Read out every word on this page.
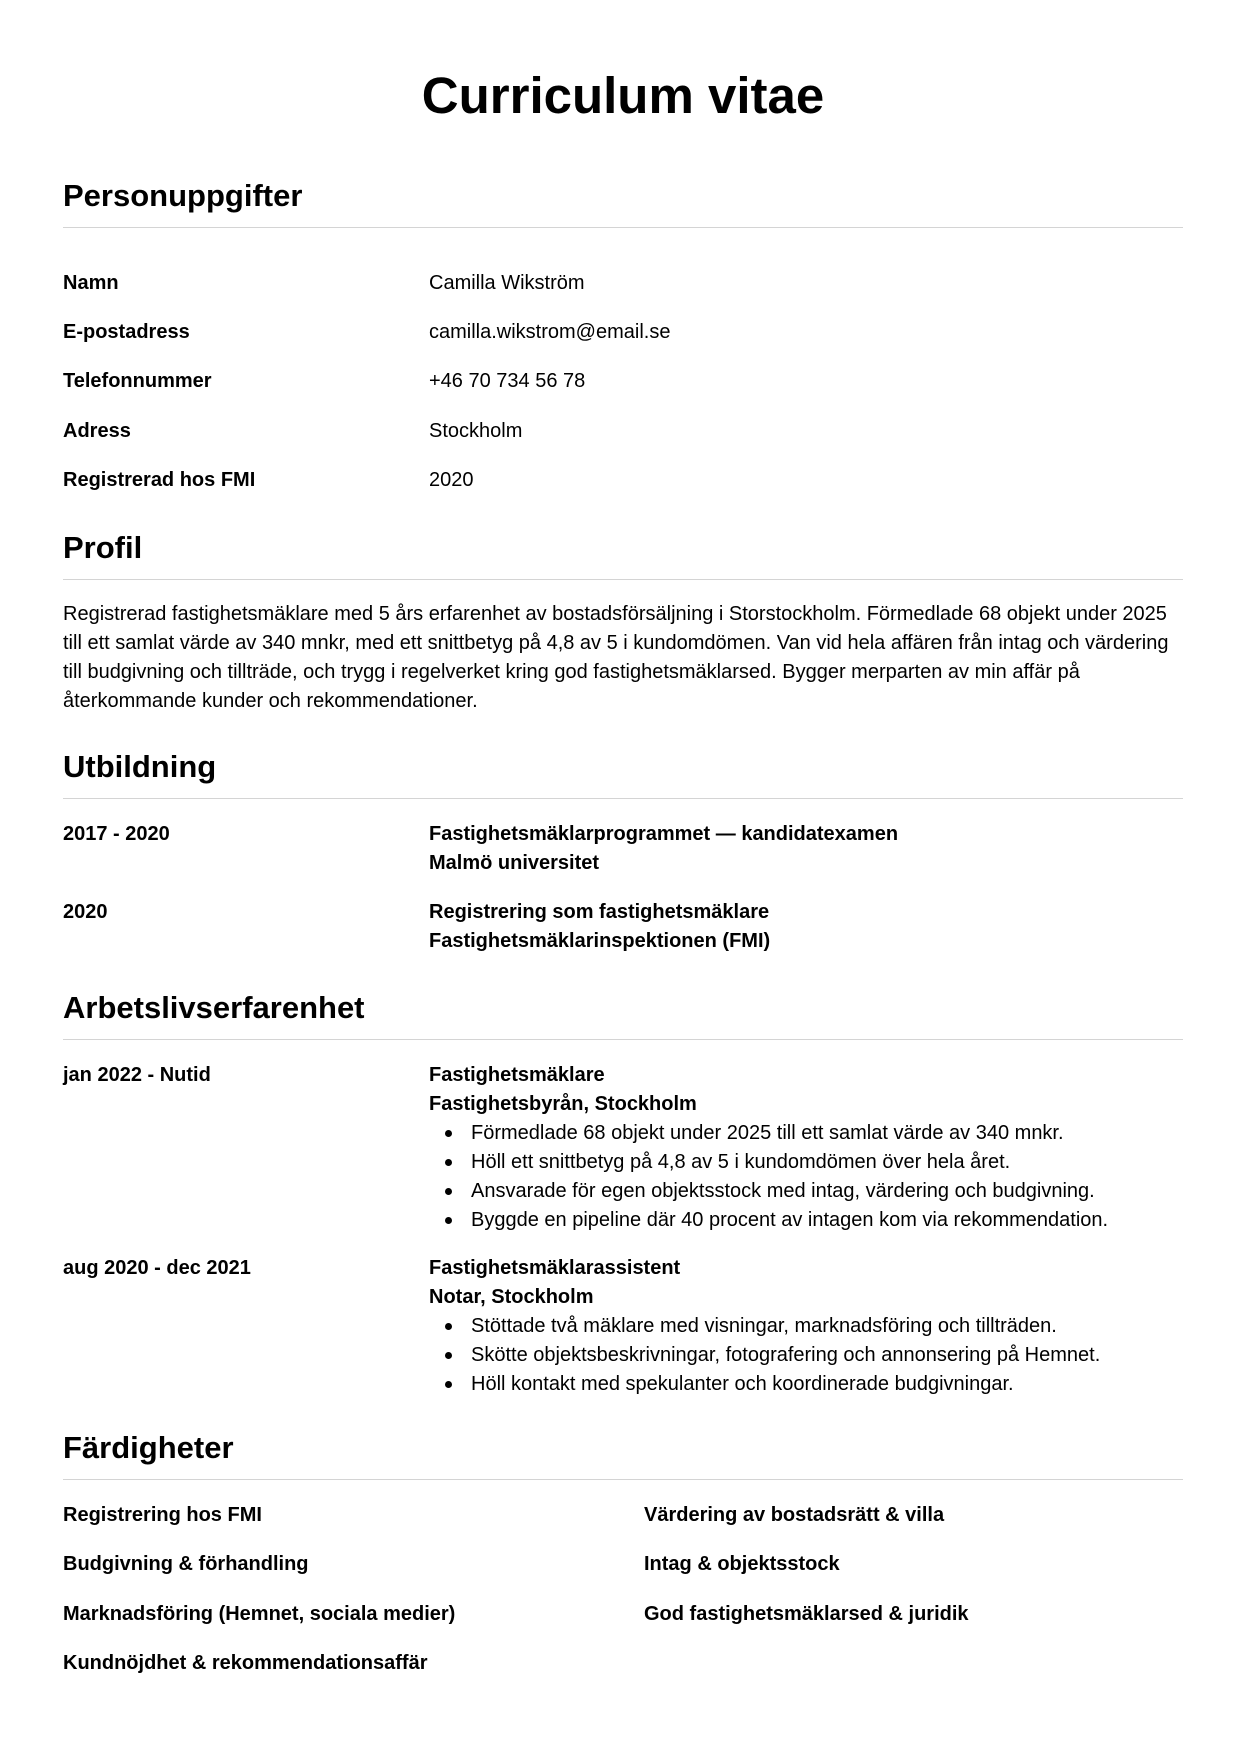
Curriculum vitae
Personuppgifter
Namn	Camilla Wikström
E-postadress	camilla.wikstrom@email.se
Telefonnummer	+46 70 734 56 78
Adress	Stockholm
Registrerad hos FMI	2020
Profil

Registrerad fastighetsmäklare med 5 års erfarenhet av bostadsförsäljning i Storstockholm. Förmedlade 68 objekt under 2025 till ett samlat värde av 340 mnkr, med ett snittbetyg på 4,8 av 5 i kundomdömen. Van vid hela affären från intag och värdering till budgivning och tillträde, och trygg i regelverket kring god fastighetsmäklarsed. Bygger merparten av min affär på återkommande kunder och rekommendationer.

Utbildning
2017 - 2020	Fastighetsmäklarprogrammet — kandidatexamen
Malmö universitet
2020	Registrering som fastighetsmäklare
Fastighetsmäklarinspektionen (FMI)
Arbetslivserfarenhet
jan 2022 - Nutid	Fastighetsmäklare
Fastighetsbyrån, Stockholm
Förmedlade 68 objekt under 2025 till ett samlat värde av 340 mnkr.
Höll ett snittbetyg på 4,8 av 5 i kundomdömen över hela året.
Ansvarade för egen objektsstock med intag, värdering och budgivning.
Byggde en pipeline där 40 procent av intagen kom via rekommendation.
aug 2020 - dec 2021	Fastighetsmäklarassistent
Notar, Stockholm
Stöttade två mäklare med visningar, marknadsföring och tillträden.
Skötte objektsbeskrivningar, fotografering och annonsering på Hemnet.
Höll kontakt med spekulanter och koordinerade budgivningar.
Färdigheter
Registrering hos FMI	Värdering av bostadsrätt & villa
Budgivning & förhandling	Intag & objektsstock
Marknadsföring (Hemnet, sociala medier)	God fastighetsmäklarsed & juridik
Kundnöjdhet & rekommendationsaffär
